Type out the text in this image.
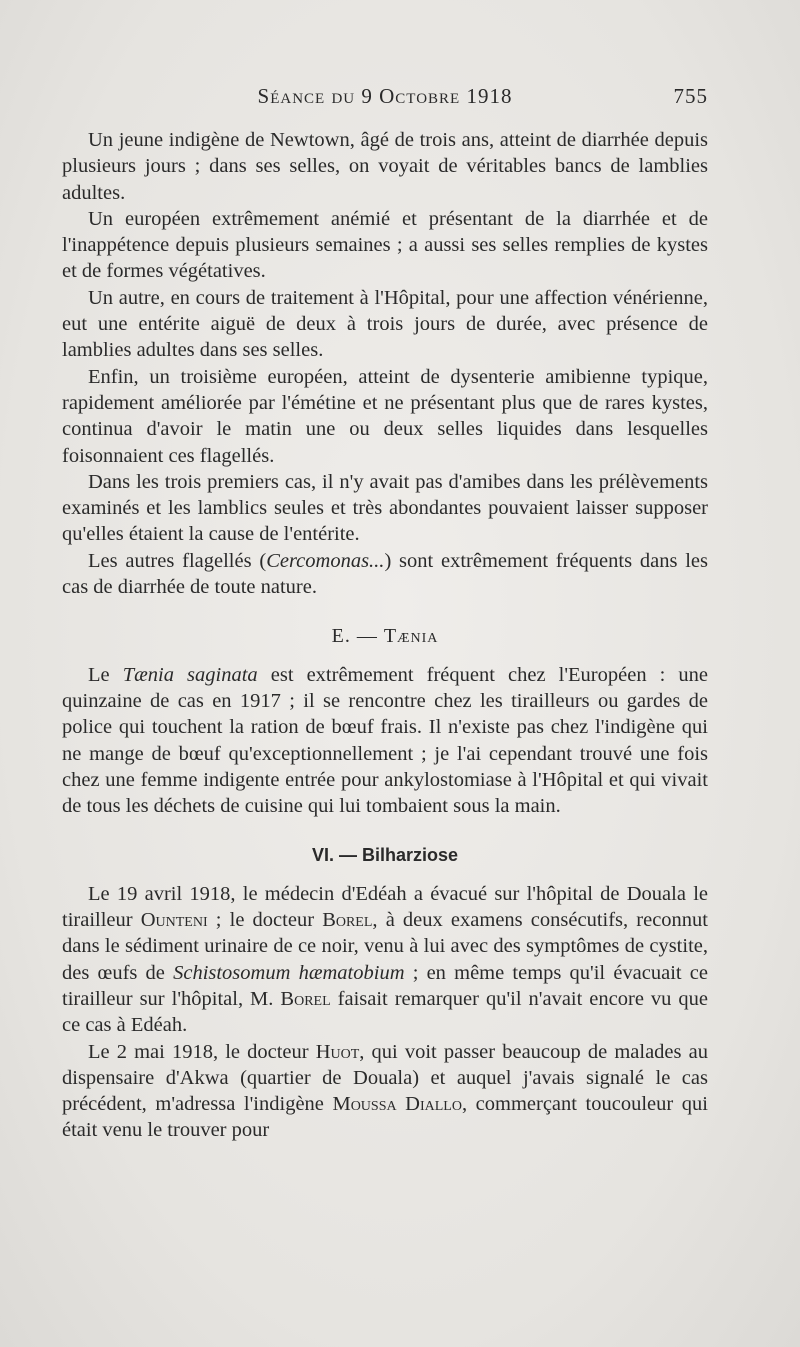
Séance du 9 Octobre 1918	755

Un jeune indigène de Newtown, âgé de trois ans, atteint de diarrhée depuis plusieurs jours ; dans ses selles, on voyait de véritables bancs de lamblies adultes.

Un européen extrêmement anémié et présentant de la diarrhée et de l'inappétence depuis plusieurs semaines ; a aussi ses selles remplies de kystes et de formes végétatives.

Un autre, en cours de traitement à l'Hôpital, pour une affection vénérienne, eut une entérite aiguë de deux à trois jours de durée, avec présence de lamblies adultes dans ses selles.

Enfin, un troisième européen, atteint de dysenterie amibienne typique, rapidement améliorée par l'émétine et ne présentant plus que de rares kystes, continua d'avoir le matin une ou deux selles liquides dans lesquelles foisonnaient ces flagellés.

Dans les trois premiers cas, il n'y avait pas d'amibes dans les prélèvements examinés et les lamblics seules et très abondantes pouvaient laisser supposer qu'elles étaient la cause de l'entérite.

Les autres flagellés (Cercomonas...) sont extrêmement fréquents dans les cas de diarrhée de toute nature.

E. — Tænia

Le Tænia saginata est extrêmement fréquent chez l'Européen : une quinzaine de cas en 1917 ; il se rencontre chez les tirailleurs ou gardes de police qui touchent la ration de bœuf frais. Il n'existe pas chez l'indigène qui ne mange de bœuf qu'exceptionnellement ; je l'ai cependant trouvé une fois chez une femme indigente entrée pour ankylostomiase à l'Hôpital et qui vivait de tous les déchets de cuisine qui lui tombaient sous la main.

VI. — Bilharziose

Le 19 avril 1918, le médecin d'Edéah a évacué sur l'hôpital de Douala le tirailleur Ounteni ; le docteur Borel, à deux examens consécutifs, reconnut dans le sédiment urinaire de ce noir, venu à lui avec des symptômes de cystite, des œufs de Schistosomum hæmatobium ; en même temps qu'il évacuait ce tirailleur sur l'hôpital, M. Borel faisait remarquer qu'il n'avait encore vu que ce cas à Edéah.

Le 2 mai 1918, le docteur Huot, qui voit passer beaucoup de malades au dispensaire d'Akwa (quartier de Douala) et auquel j'avais signalé le cas précédent, m'adressa l'indigène Moussa Diallo, commerçant toucouleur qui était venu le trouver pour
